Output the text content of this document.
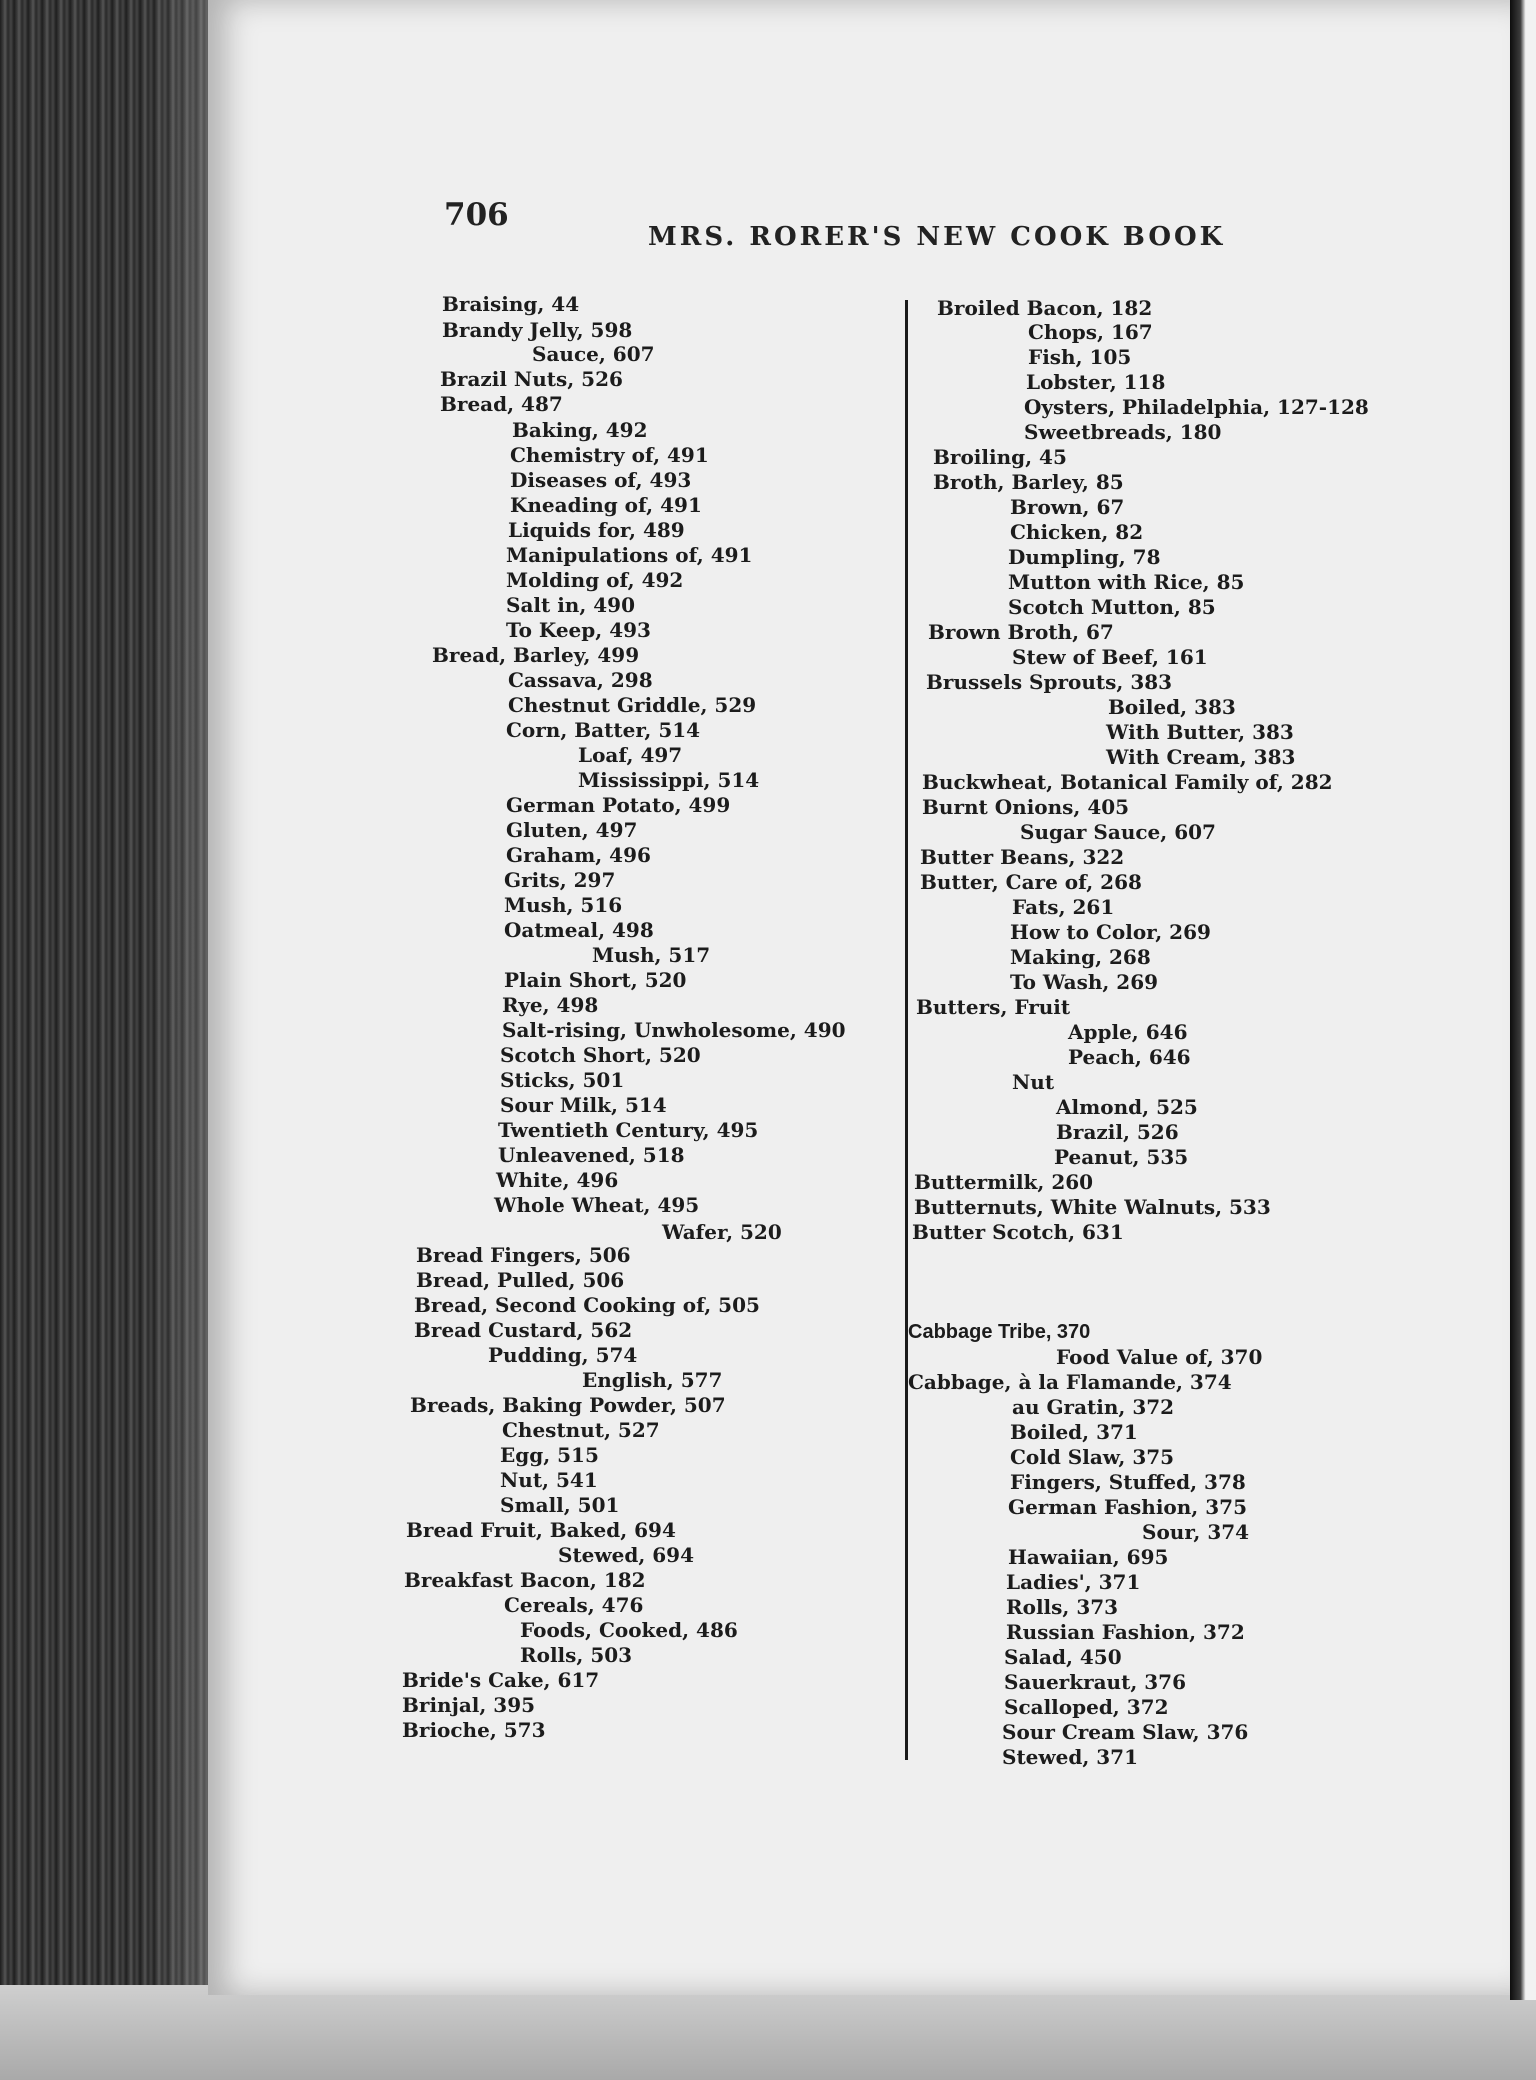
706
MRS. RORER'S NEW COOK BOOK
Braising, 44
Brandy Jelly, 598
Sauce, 607
Brazil Nuts, 526
Bread, 487
Baking, 492
Chemistry of, 491
Diseases of, 493
Kneading of, 491
Liquids for, 489
Manipulations of, 491
Molding of, 492
Salt in, 490
To Keep, 493
Bread, Barley, 499
Cassava, 298
Chestnut Griddle, 529
Corn, Batter, 514
Loaf, 497
Mississippi, 514
German Potato, 499
Gluten, 497
Graham, 496
Grits, 297
Mush, 516
Oatmeal, 498
Mush, 517
Plain Short, 520
Rye, 498
Salt-rising, Unwholesome, 490
Scotch Short, 520
Sticks, 501
Sour Milk, 514
Twentieth Century, 495
Unleavened, 518
White, 496
Whole Wheat, 495
Wafer, 520
Bread Fingers, 506
Bread, Pulled, 506
Bread, Second Cooking of, 505
Bread Custard, 562
Pudding, 574
English, 577
Breads, Baking Powder, 507
Chestnut, 527
Egg, 515
Nut, 541
Small, 501
Bread Fruit, Baked, 694
Stewed, 694
Breakfast Bacon, 182
Cereals, 476
Foods, Cooked, 486
Rolls, 503
Bride's Cake, 617
Brinjal, 395
Brioche, 573
Broiled Bacon, 182
Chops, 167
Fish, 105
Lobster, 118
Oysters, Philadelphia, 127-128
Sweetbreads, 180
Broiling, 45
Broth, Barley, 85
Brown, 67
Chicken, 82
Dumpling, 78
Mutton with Rice, 85
Scotch Mutton, 85
Brown Broth, 67
Stew of Beef, 161
Brussels Sprouts, 383
Boiled, 383
With Butter, 383
With Cream, 383
Buckwheat, Botanical Family of, 282
Burnt Onions, 405
Sugar Sauce, 607
Butter Beans, 322
Butter, Care of, 268
Fats, 261
How to Color, 269
Making, 268
To Wash, 269
Butters, Fruit
Apple, 646
Peach, 646
Nut
Almond, 525
Brazil, 526
Peanut, 535
Buttermilk, 260
Butternuts, White Walnuts, 533
Butter Scotch, 631
Cabbage Tribe, 370
Food Value of, 370
Cabbage, à la Flamande, 374
au Gratin, 372
Boiled, 371
Cold Slaw, 375
Fingers, Stuffed, 378
German Fashion, 375
Sour, 374
Hawaiian, 695
Ladies', 371
Rolls, 373
Russian Fashion, 372
Salad, 450
Sauerkraut, 376
Scalloped, 372
Sour Cream Slaw, 376
Stewed, 371
